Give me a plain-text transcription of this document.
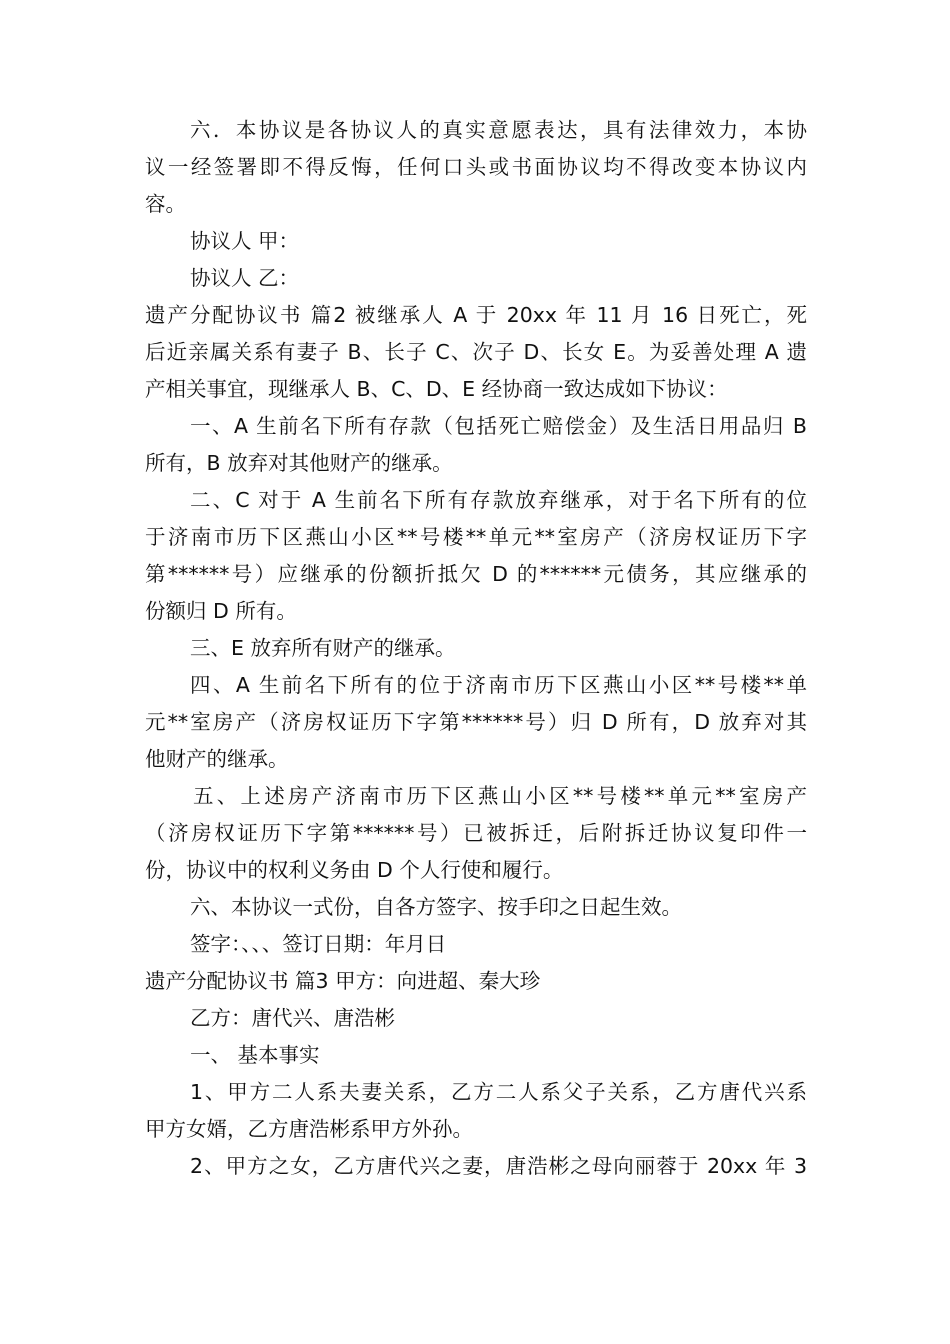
六．本协议是各协议人的真实意愿表达，具有法律效力，本协
议一经签署即不得反悔，任何口头或书面协议均不得改变本协议内
容。
协议人 甲：
协议人 乙：
遗产分配协议书 篇2 被继承人 A 于 20xx 年 11 月 16 日死亡，死
后近亲属关系有妻子 B、长子 C、次子 D、长女 E。为妥善处理 A 遗
产相关事宜，现继承人 B、C、D、E 经协商一致达成如下协议：
一、A 生前名下所有存款（包括死亡赔偿金）及生活日用品归 B
所有，B 放弃对其他财产的继承。
二、C 对于 A 生前名下所有存款放弃继承，对于名下所有的位
于济南市历下区燕山小区**号楼**单元**室房产（济房权证历下字
第******号）应继承的份额折抵欠 D 的******元债务，其应继承的
份额归 D 所有。
三、E 放弃所有财产的继承。
四、A 生前名下所有的位于济南市历下区燕山小区**号楼**单
元**室房产（济房权证历下字第******号）归 D 所有，D 放弃对其
他财产的继承。
五、上述房产济南市历下区燕山小区**号楼**单元**室房产
（济房权证历下字第******号）已被拆迁，后附拆迁协议复印件一
份，协议中的权利义务由 D 个人行使和履行。
六、本协议一式份，自各方签字、按手印之日起生效。
签字：、、、签订日期：年月日
遗产分配协议书 篇3 甲方：向进超、秦大珍
乙方：唐代兴、唐浩彬
一、 基本事实
1、甲方二人系夫妻关系，乙方二人系父子关系，乙方唐代兴系
甲方女婿，乙方唐浩彬系甲方外孙。
2、甲方之女，乙方唐代兴之妻，唐浩彬之母向丽蓉于 20xx 年 3
